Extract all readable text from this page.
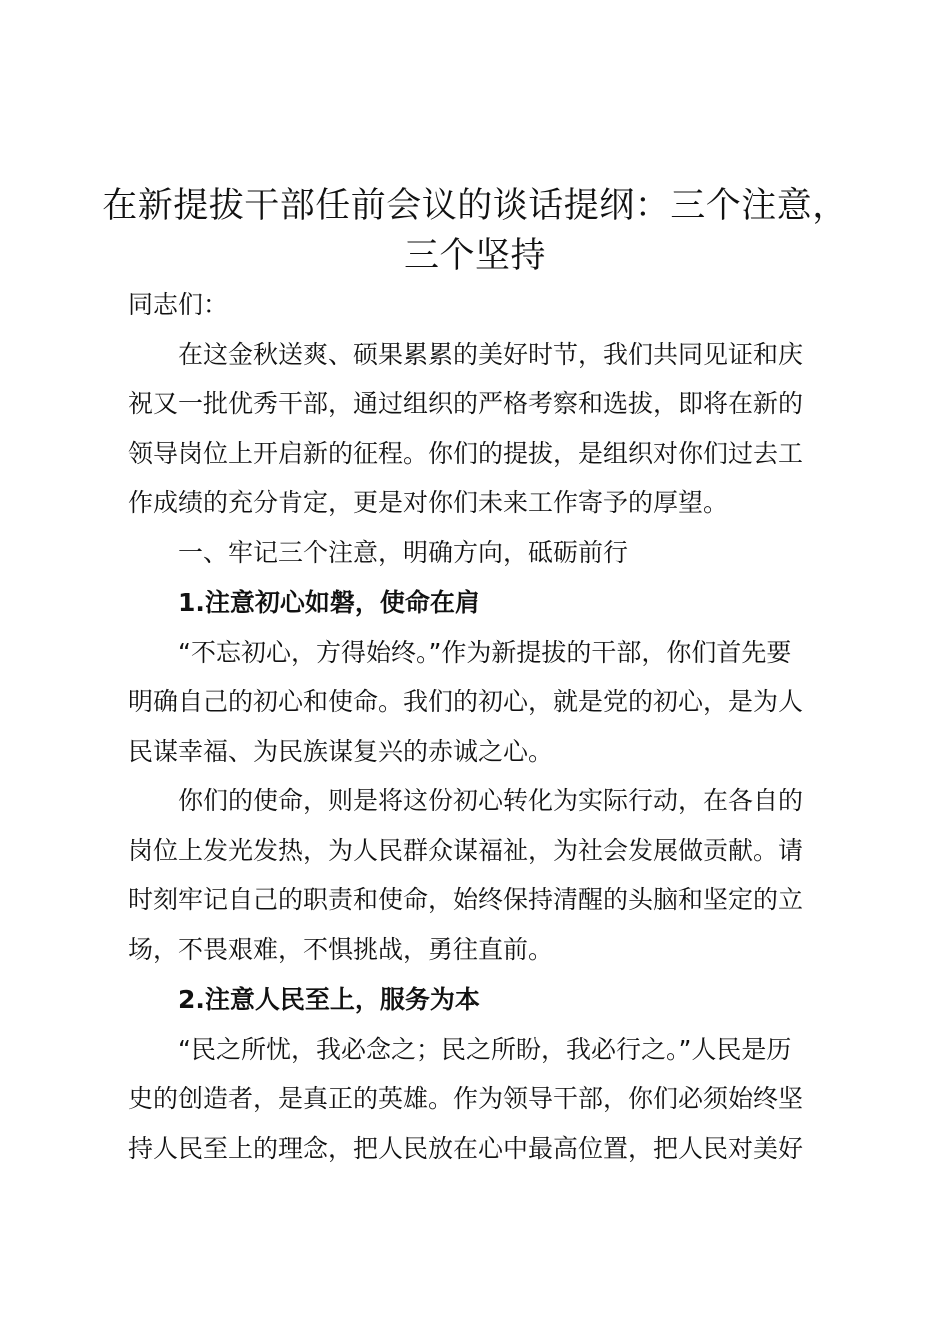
在新提拔干部任前会议的谈话提纲：三个注意，
三个坚持

同志们：

在这金秋送爽、硕果累累的美好时节，我们共同见证和庆

祝又一批优秀干部，通过组织的严格考察和选拔，即将在新的

领导岗位上开启新的征程。你们的提拔，是组织对你们过去工

作成绩的充分肯定，更是对你们未来工作寄予的厚望。

一、牢记三个注意，明确方向，砥砺前行

1.注意初心如磐，使命在肩

“不忘初心，方得始终。”作为新提拔的干部，你们首先要

明确自己的初心和使命。我们的初心，就是党的初心，是为人

民谋幸福、为民族谋复兴的赤诚之心。

你们的使命，则是将这份初心转化为实际行动，在各自的

岗位上发光发热，为人民群众谋福祉，为社会发展做贡献。请

时刻牢记自己的职责和使命，始终保持清醒的头脑和坚定的立

场，不畏艰难，不惧挑战，勇往直前。

2.注意人民至上，服务为本

“民之所忧，我必念之；民之所盼，我必行之。”人民是历

史的创造者，是真正的英雄。作为领导干部，你们必须始终坚

持人民至上的理念，把人民放在心中最高位置，把人民对美好
